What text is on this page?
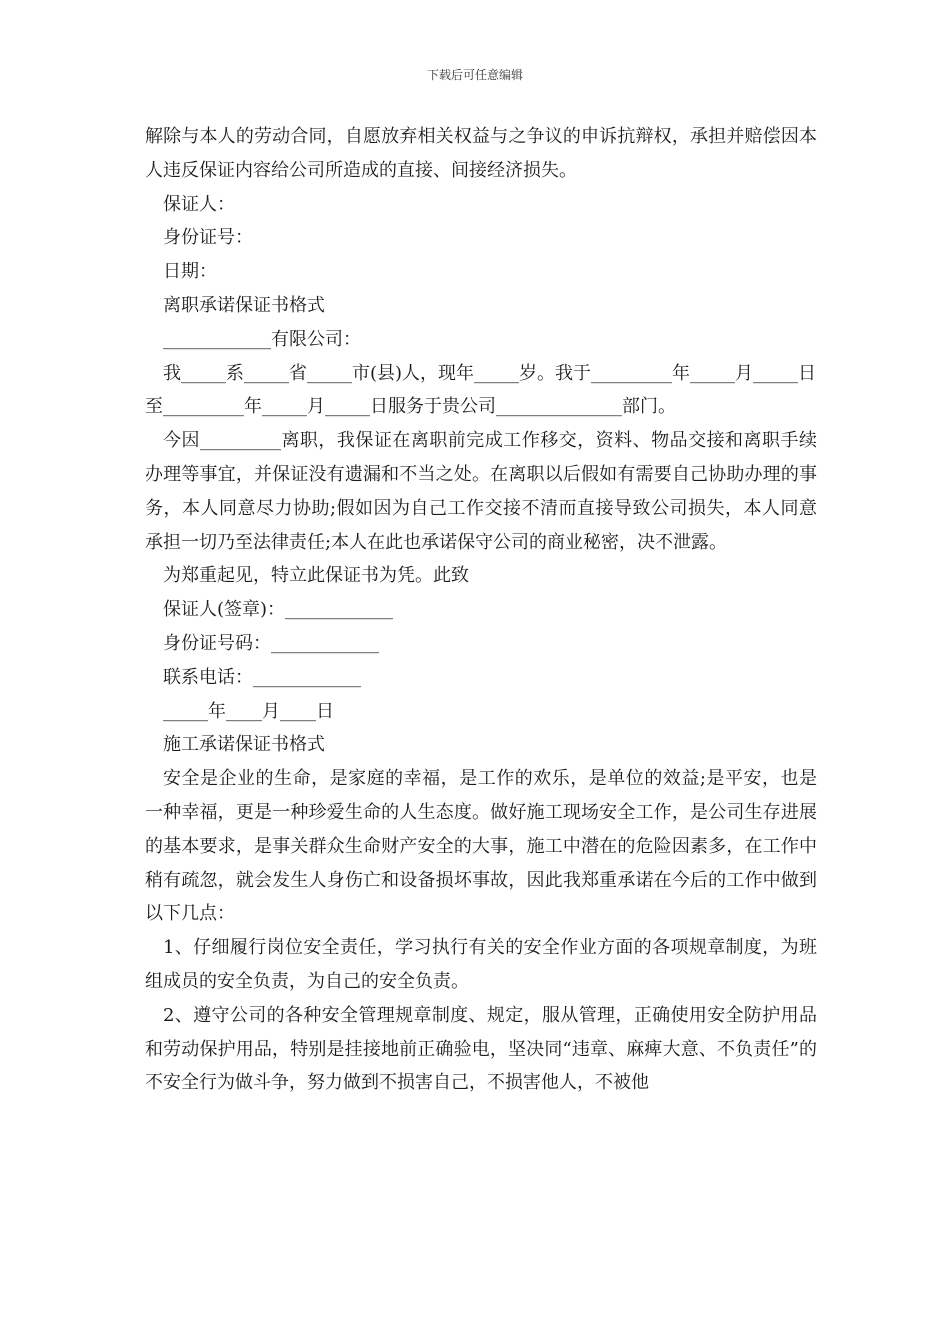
下载后可任意编辑

解除与本人的劳动合同，自愿放弃相关权益与之争议的申诉抗辩权，承担并赔偿因本人违反保证内容给公司所造成的直接、间接经济损失。

保证人：

身份证号：

日期：

离职承诺保证书格式

____________有限公司：

我_____系_____省_____市(县)人，现年_____岁。我于_________年_____月_____日至_________年_____月_____日服务于贵公司______________部门。

今因_________离职，我保证在离职前完成工作移交，资料、物品交接和离职手续办理等事宜，并保证没有遗漏和不当之处。在离职以后假如有需要自己协助办理的事务，本人同意尽力协助;假如因为自己工作交接不清而直接导致公司损失，本人同意承担一切乃至法律责任;本人在此也承诺保守公司的商业秘密，决不泄露。

为郑重起见，特立此保证书为凭。此致

保证人(签章)：____________

身份证号码：____________

联系电话：____________

_____年____月____日

施工承诺保证书格式

安全是企业的生命，是家庭的幸福，是工作的欢乐，是单位的效益;是平安，也是一种幸福，更是一种珍爱生命的人生态度。做好施工现场安全工作，是公司生存进展的基本要求，是事关群众生命财产安全的大事，施工中潜在的危险因素多，在工作中稍有疏忽，就会发生人身伤亡和设备损坏事故，因此我郑重承诺在今后的工作中做到以下几点：

1、仔细履行岗位安全责任，学习执行有关的安全作业方面的各项规章制度，为班组成员的安全负责，为自己的安全负责。

2、遵守公司的各种安全管理规章制度、规定，服从管理，正确使用安全防护用品和劳动保护用品，特别是挂接地前正确验电，坚决同“违章、麻痺大意、不负责任”的不安全行为做斗争，努力做到不损害自己，不损害他人，不被他
